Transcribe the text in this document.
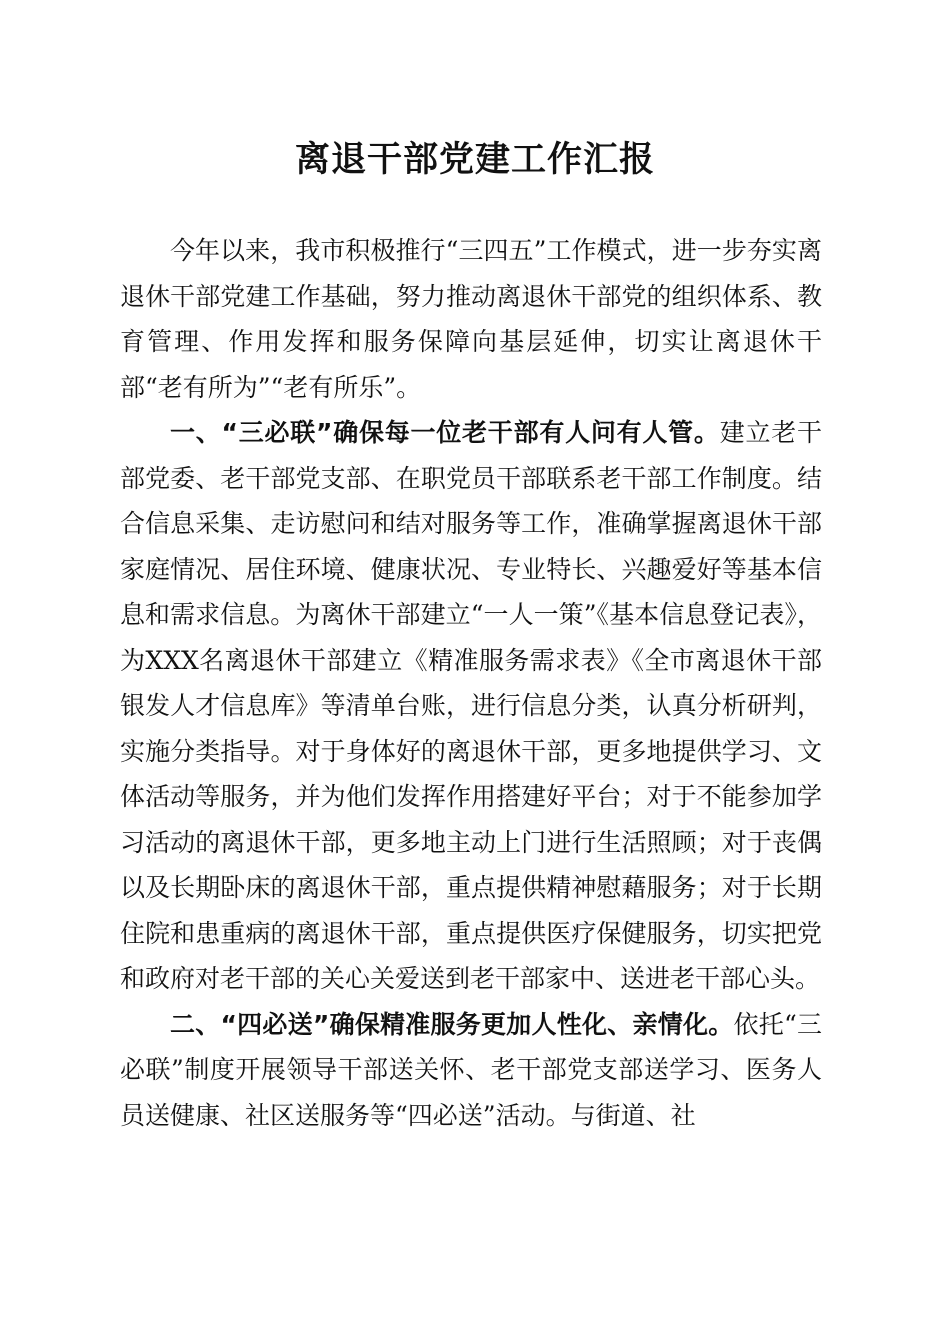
离退干部党建工作汇报

今年以来，我市积极推行“三四五”工作模式，进一步夯实离退休干部党建工作基础，努力推动离退休干部党的组织体系、教育管理、作用发挥和服务保障向基层延伸，切实让离退休干部“老有所为”“老有所乐”。

一、“三必联”确保每一位老干部有人问有人管。建立老干部党委、老干部党支部、在职党员干部联系老干部工作制度。结合信息采集、走访慰问和结对服务等工作，准确掌握离退休干部家庭情况、居住环境、健康状况、专业特长、兴趣爱好等基本信息和需求信息。为离休干部建立“一人一策”《基本信息登记表》，为XXX名离退休干部建立《精准服务需求表》《全市离退休干部银发人才信息库》等清单台账，进行信息分类，认真分析研判，实施分类指导。对于身体好的离退休干部，更多地提供学习、文体活动等服务，并为他们发挥作用搭建好平台；对于不能参加学习活动的离退休干部，更多地主动上门进行生活照顾；对于丧偶以及长期卧床的离退休干部，重点提供精神慰藉服务；对于长期住院和患重病的离退休干部，重点提供医疗保健服务，切实把党和政府对老干部的关心关爱送到老干部家中、送进老干部心头。

二、“四必送”确保精准服务更加人性化、亲情化。依托“三必联”制度开展领导干部送关怀、老干部党支部送学习、医务人员送健康、社区送服务等“四必送”活动。与街道、社
